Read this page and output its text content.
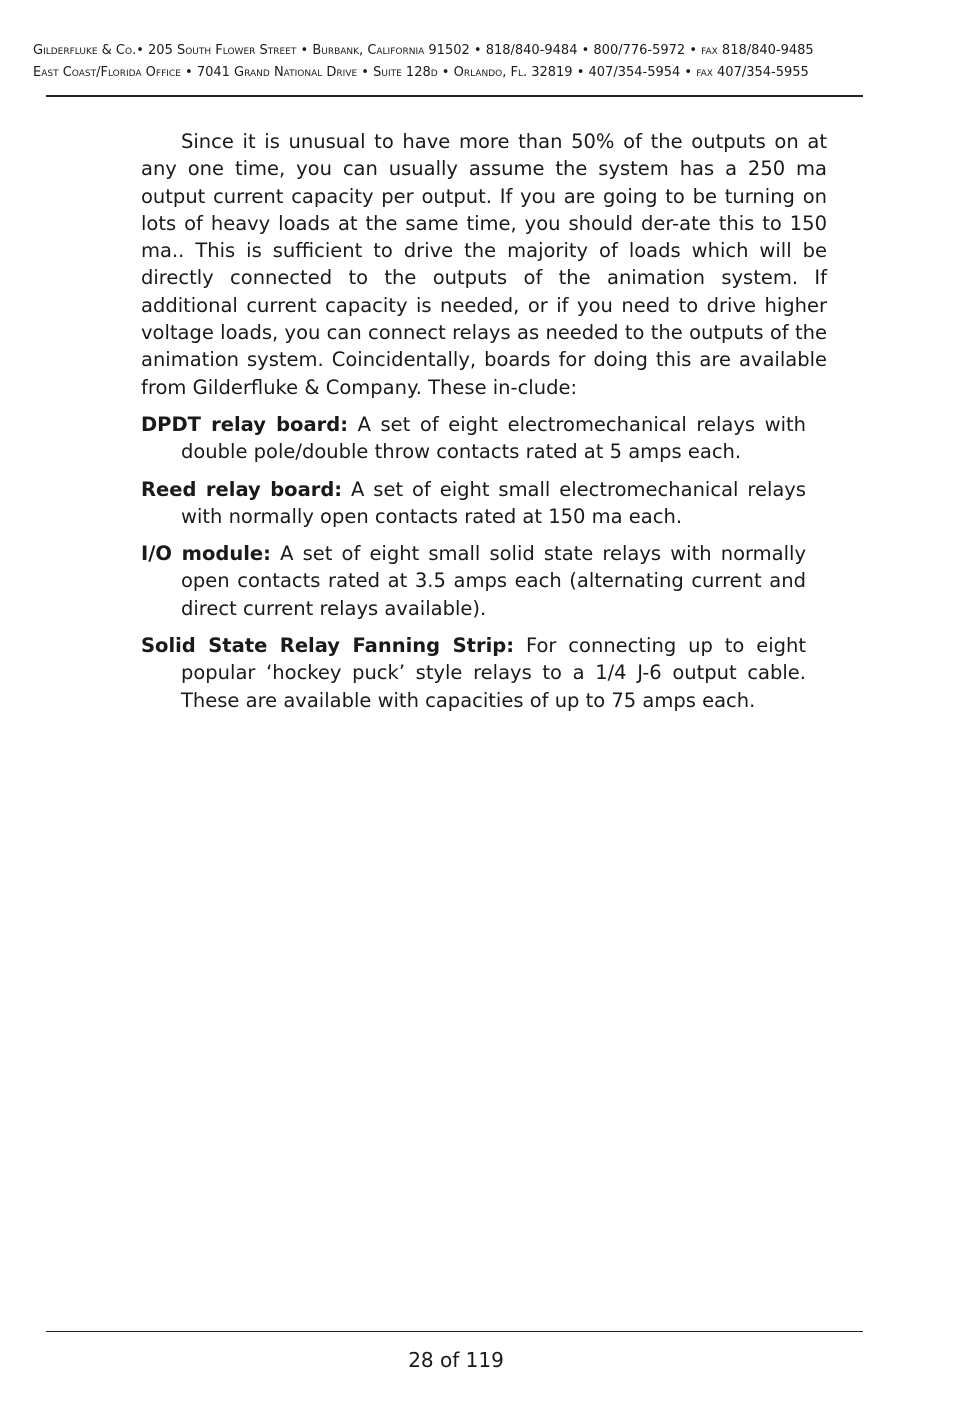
Gilderfluke & Co.• 205 South Flower Street • Burbank, California 91502 • 818/840-9484 • 800/776-5972 • fax 818/840-9485
East Coast/Florida Office • 7041 Grand National Drive • Suite 128d • Orlando, Fl. 32819 • 407/354-5954 • fax 407/354-5955

Since it is unusual to have more than 50% of the outputs on at any one time, you can usually assume the system has a 250 ma output current capacity per output. If you are going to be turning on lots of heavy loads at the same time, you should der-ate this to 150 ma.. This is sufficient to drive the majority of loads which will be directly connected to the outputs of the animation system. If additional current capacity is needed, or if you need to drive higher voltage loads, you can connect relays as needed to the outputs of the animation system. Coincidentally, boards for doing this are available from Gilderfluke & Company. These in-clude:

DPDT relay board: A set of eight electromechanical relays with double pole/double throw contacts rated at 5 amps each.
Reed relay board: A set of eight small electromechanical relays with normally open contacts rated at 150 ma each.
I/O module: A set of eight small solid state relays with normally open contacts rated at 3.5 amps each (alternating current and direct current relays available).
Solid State Relay Fanning Strip: For connecting up to eight popular ‘hockey puck’ style relays to a 1/4 J-6 output cable. These are available with capacities of up to 75 amps each.
28 of 119
